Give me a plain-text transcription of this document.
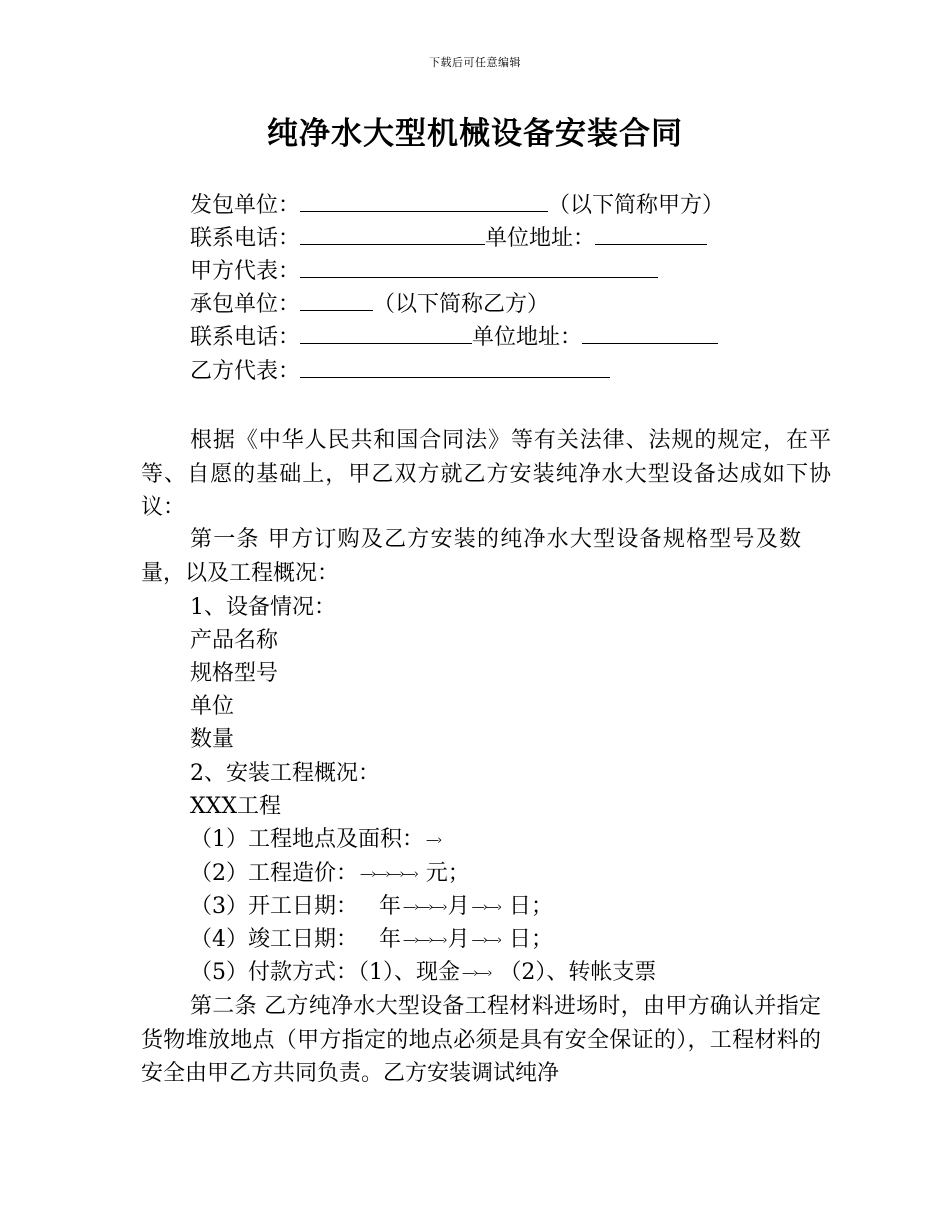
下载后可任意编辑
纯净水大型机械设备安装合同
发包单位：	（以下简称甲方）
联系电话：	单位地址：
甲方代表：
承包单位：	（以下简称乙方）
联系电话：	单位地址：
乙方代表：
根据《中华人民共和国合同法》等有关法律、法规的规定，在平等、自愿的基础上，甲乙双方就乙方安装纯净水大型设备达成如下协议：
第一条 甲方订购及乙方安装的纯净水大型设备规格型号及数量，以及工程概况：
1、设备情况：
产品名称
规格型号
单位
数量
2、安装工程概况：
XXX工程
（1）工程地点及面积： —›
（2）工程造价： —›—›—›—› 元；
（3）开工日期： 年 —›—›—›月 —›—› 日；
（4）竣工日期： 年 —›—›—›月 —›—› 日；
（5）付款方式：（1）、现金 —›—› （2）、转帐支票
第二条 乙方纯净水大型设备工程材料进场时，由甲方确认并指定货物堆放地点（甲方指定的地点必须是具有安全保证的），工程材料的安全由甲乙方共同负责。乙方安装调试纯净
